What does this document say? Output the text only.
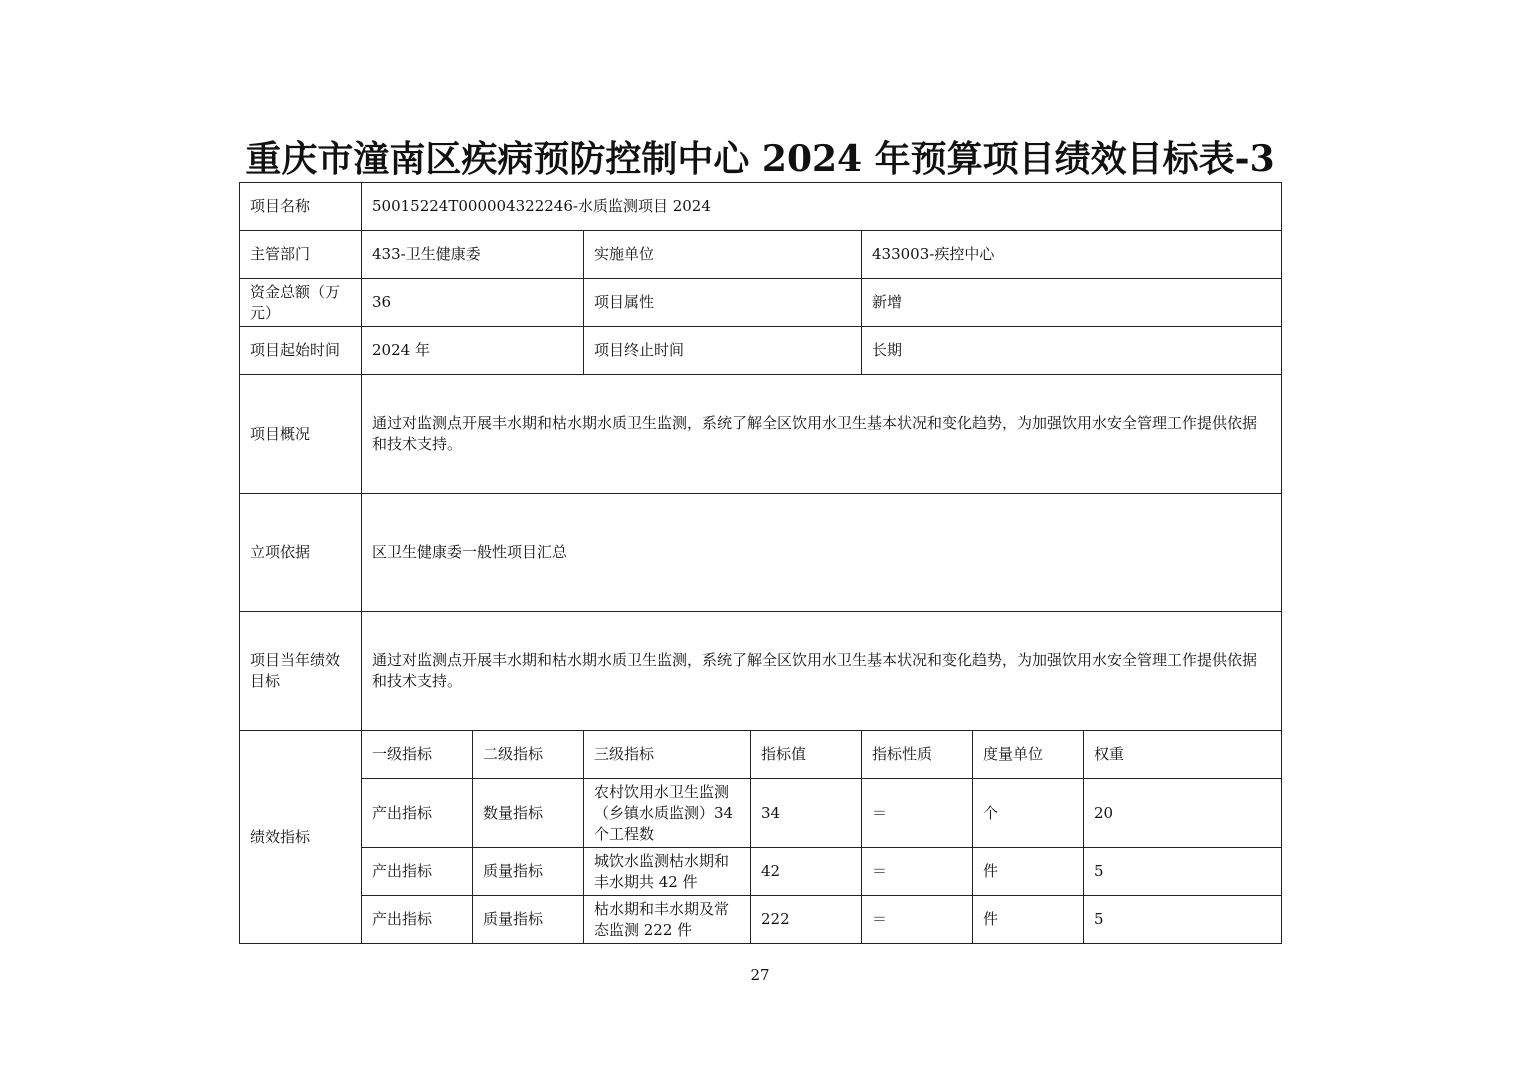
重庆市潼南区疾病预防控制中心 2024 年预算项目绩效目标表-3
项目名称	50015224T000004322246-水质监测项目 2024						
主管部门	433-卫生健康委		实施单位		433003-疾控中心		
资金总额（万元）	36		项目属性		新增		
项目起始时间	2024 年		项目终止时间		长期		
项目概况	通过对监测点开展丰水期和枯水期水质卫生监测，系统了解全区饮用水卫生基本状况和变化趋势，为加强饮用水安全管理工作提供依据和技术支持。						
立项依据	区卫生健康委一般性项目汇总						
项目当年绩效目标	通过对监测点开展丰水期和枯水期水质卫生监测，系统了解全区饮用水卫生基本状况和变化趋势，为加强饮用水安全管理工作提供依据和技术支持。						
绩效指标	一级指标	二级指标	三级指标	指标值	指标性质	度量单位	权重
	产出指标	数量指标	农村饮用水卫生监测（乡镇水质监测）34 个工程数	34	＝	个	20
	产出指标	质量指标	城饮水监测枯水期和丰水期共 42 件	42	＝	件	5
	产出指标	质量指标	枯水期和丰水期及常态监测 222 件	222	＝	件	5
27
